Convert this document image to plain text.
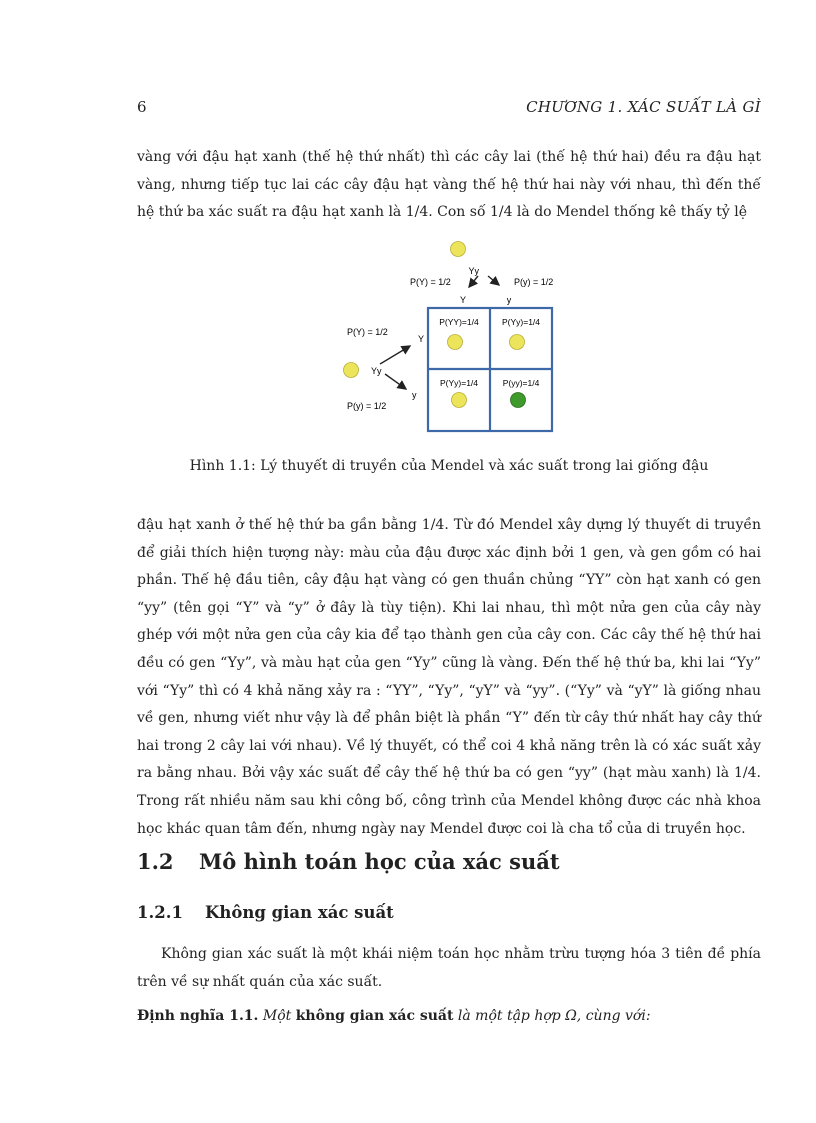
6	CHƯƠNG 1. XÁC SUẤT LÀ GÌ

vàng với đậu hạt xanh (thế hệ thứ nhất) thì các cây lai (thế hệ thứ hai) đều ra đậu hạt vàng, nhưng tiếp tục lai các cây đậu hạt vàng thế hệ thứ hai này với nhau, thì đến thế hệ thứ ba xác suất ra đậu hạt xanh là 1/4. Con số 1/4 là do Mendel thống kê thấy tỷ lệ

Yy
P(Y) = 1/2	P(y) = 1/2
Y	y
P(Y) = 1/2
P(y) = 1/2
Yy
Y
y
P(YY)=1/4	P(Yy)=1/4
P(Yy)=1/4	P(yy)=1/4
Hình 1.1: Lý thuyết di truyền của Mendel và xác suất trong lai giống đậu

đậu hạt xanh ở thế hệ thứ ba gần bằng 1/4. Từ đó Mendel xây dựng lý thuyết di truyền để giải thích hiện tượng này: màu của đậu được xác định bởi 1 gen, và gen gồm có hai phần. Thế hệ đầu tiên, cây đậu hạt vàng có gen thuần chủng “YY” còn hạt xanh có gen “yy” (tên gọi “Y” và “y” ở đây là tùy tiện). Khi lai nhau, thì một nửa gen của cây này ghép với một nửa gen của cây kia để tạo thành gen của cây con. Các cây thế hệ thứ hai đều có gen “Yy”, và màu hạt của gen “Yy” cũng là vàng. Đến thế hệ thứ ba, khi lai “Yy” với “Yy” thì có 4 khả năng xảy ra : “YY”, “Yy”, “yY” và “yy”. (“Yy” và “yY” là giống nhau về gen, nhưng viết như vậy là để phân biệt là phần “Y” đến từ cây thứ nhất hay cây thứ hai trong 2 cây lai với nhau). Về lý thuyết, có thể coi 4 khả năng trên là có xác suất xảy ra bằng nhau. Bởi vậy xác suất để cây thế hệ thứ ba có gen “yy” (hạt màu xanh) là 1/4. Trong rất nhiều năm sau khi công bố, công trình của Mendel không được các nhà khoa học khác quan tâm đến, nhưng ngày nay Mendel được coi là cha tổ của di truyền học.

1.2 Mô hình toán học của xác suất
1.2.1 Không gian xác suất

Không gian xác suất là một khái niệm toán học nhằm trừu tượng hóa 3 tiên đề phía trên về sự nhất quán của xác suất.

Định nghĩa 1.1. Một không gian xác suất là một tập hợp Ω, cùng với:
